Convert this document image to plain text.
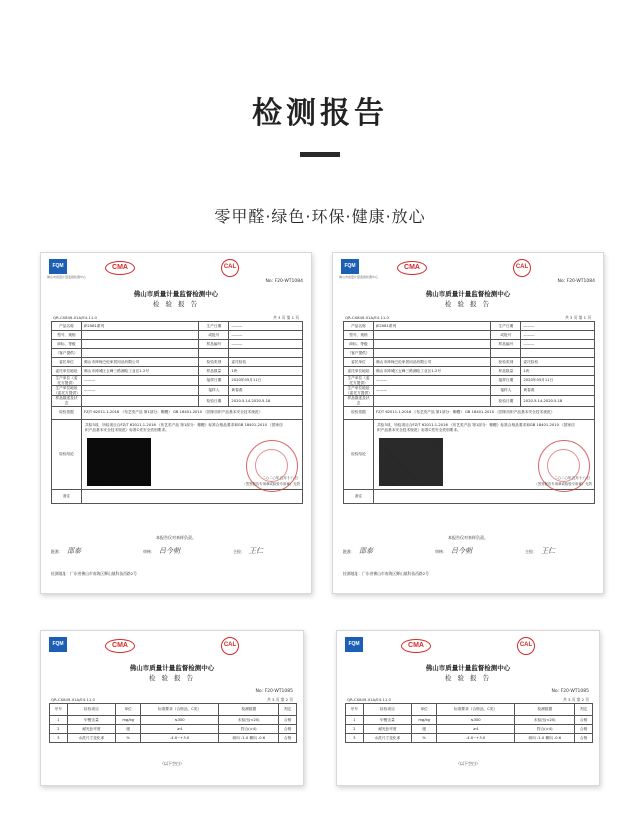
检测报告
零甲醛·绿色·环保·健康·放心
FQM
佛山市质量计量监督检测中心
CMA	CAL
No: F20-WT1084
佛山市质量计量监督检测中心
检 验 报 告
QR-CX849-01A/E4.11.0	共 3 页 第 1 页
产品名称	JE2081系列	生产日期	———
型号、规格		或批号	———
商标、等级		样品编号	———
（客户提供）			
委托单位	佛山市禅尚巴伦家居用品有限公司	检验类别	委托检验
委托单位地址	佛山市禅城区五峰三路测绘工业区1-2号	样品数量	1块
生产单位（委托方提供）	———	接样日期	2020年05月11日
生产单位地址（委托方提供）	———	接样人	黄春燕
样品描述及状态		检验日期	2020.5.14-2020.5.18
检验依据	FZ/T 62011.1-2016 《布艺类产品 第1部分：帷幔》 GB 18401-2010 《国家纺织产品基本安全技术规范》		
检验结论	共检3项，所检项目合FZ/T 62011.1-2016 《布艺类产品 第1部分：帷幔》标准合格品要求和GB 18401-2010 《国家纺织产品基本安全技术规范》标准C类安全类别要求。
二○二○年五月十八日
（签发报告专用章或检验专用章）无效		

备注			
本报告仅对来样负责。
批准： 邵泰	审核： 吕今朝	主检： 王仁
检测地址：广东省佛山市南海区狮山镇科技西路2号
FQM
佛山市质量计量监督检测中心
CMA	CAL
No: F20-WT1084
佛山市质量计量监督检测中心
检 验 报 告
QR-CX849-01A/E4.11.0	共 3 页 第 1 页
产品名称	JE2081系列	生产日期	———
型号、规格		或批号	———
商标、等级		样品编号	———
（客户提供）			
委托单位	佛山市禅尚巴伦家居用品有限公司	检验类别	委托检验
委托单位地址	佛山市禅城区五峰三路测绘工业区1-2号	样品数量	1块
生产单位（委托方提供）	———	接样日期	2020年05月11日
生产单位地址（委托方提供）	———	接样人	黄春燕
样品描述及状态		检验日期	2020.5.14-2020.5.18
检验依据	FZ/T 62011.1-2016 《布艺类产品 第1部分：帷幔》 GB 18401-2010 《国家纺织产品基本安全技术规范》		
检验结论	共检3项，所检项目合FZ/T 62011.1-2016 《布艺类产品 第1部分：帷幔》标准合格品要求和GB 18401-2010 《国家纺织产品基本安全技术规范》标准C类安全类别要求。
二○二○年五月十八日
（签发报告专用章或检验专用章）无效		

备注			
本报告仅对来样负责。
批准： 邵泰	审核： 吕今朝	主检： 王仁
检测地址：广东省佛山市南海区狮山镇科技西路2号
FQM	CMA	CAL
佛山市质量计量监督检测中心
检 验 报 告
No: F20-WT1085
QR-CX849-01A/E4.11.0	共 3 页 第 2 页
序号	检验项目	单位	标准要求（合格品，C类）	检测数据	判定
1	甲醛含量	mg/kg	≤300	未检出(<20)	合格
2	耐光色牢度	级	≥4	符合(>4)	合格
3	水洗尺寸变化率	%	-4.0~+3.0	纵向 -1.0 横向 -0.6	合格
（以下空白）
FQM	CMA	CAL
佛山市质量计量监督检测中心
检 验 报 告
No: F20-WT1085
QR-CX849-01A/E4.11.0	共 3 页 第 2 页
序号	检验项目	单位	标准要求（合格品，C类）	检测数据	判定
1	甲醛含量	mg/kg	≤300	未检出(<20)	合格
2	耐光色牢度	级	≥4	符合(>4)	合格
3	水洗尺寸变化率	%	-4.0~+3.0	纵向 -1.0 横向 -0.6	合格
（以下空白）
